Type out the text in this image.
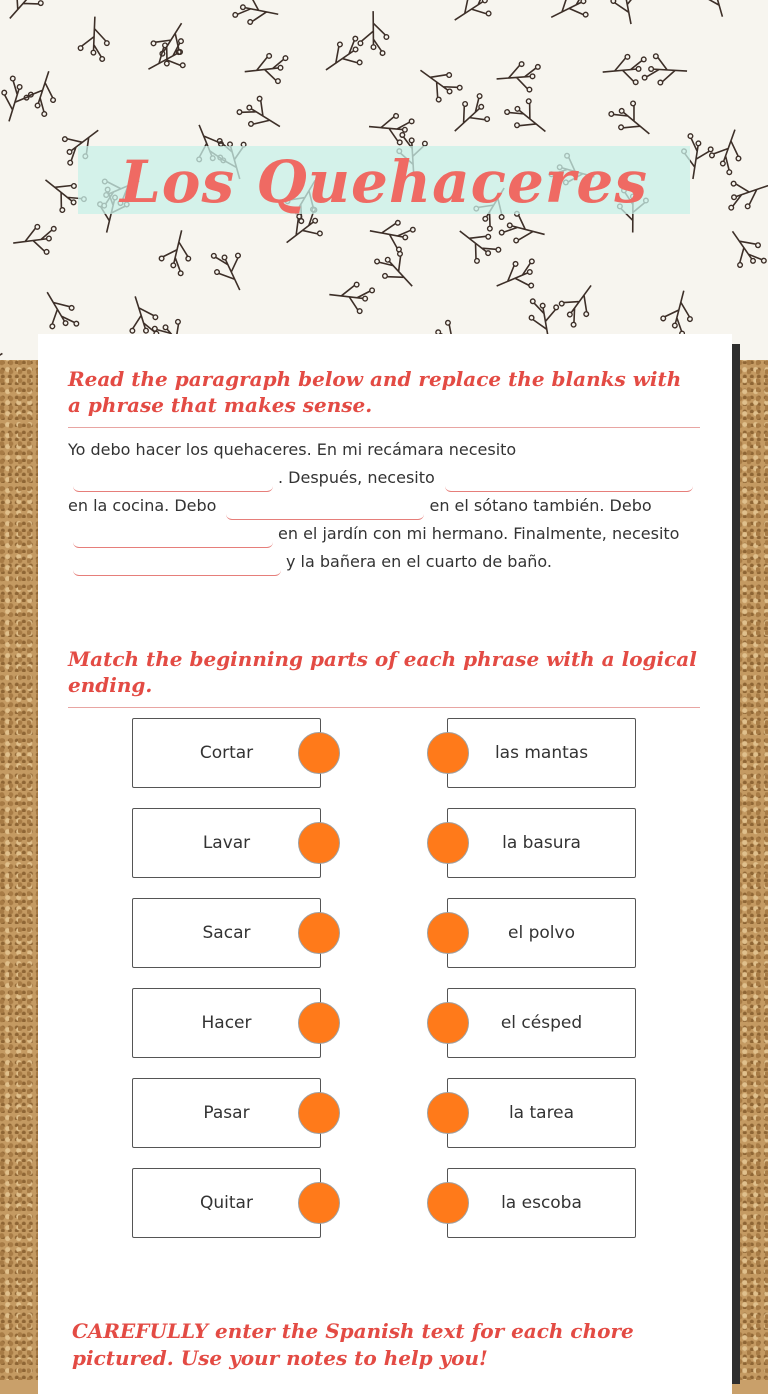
Los Quehaceres
Read the paragraph below and replace the blanks with a phrase that makes sense.
Yo debo hacer los quehaceres. En mi recámara necesito
. Después, necesito
en la cocina. Debo	en el sótano también. Debo
en el jardín con mi hermano. Finalmente, necesito
y la bañera en el cuarto de baño.
Match the beginning parts of each phrase with a logical ending.
Cortar
Lavar
Sacar
Hacer
Pasar
Quitar
las mantas
la basura
el polvo
el césped
la tarea
la escoba
CAREFULLY enter the Spanish text for each chore pictured. Use your notes to help you!
